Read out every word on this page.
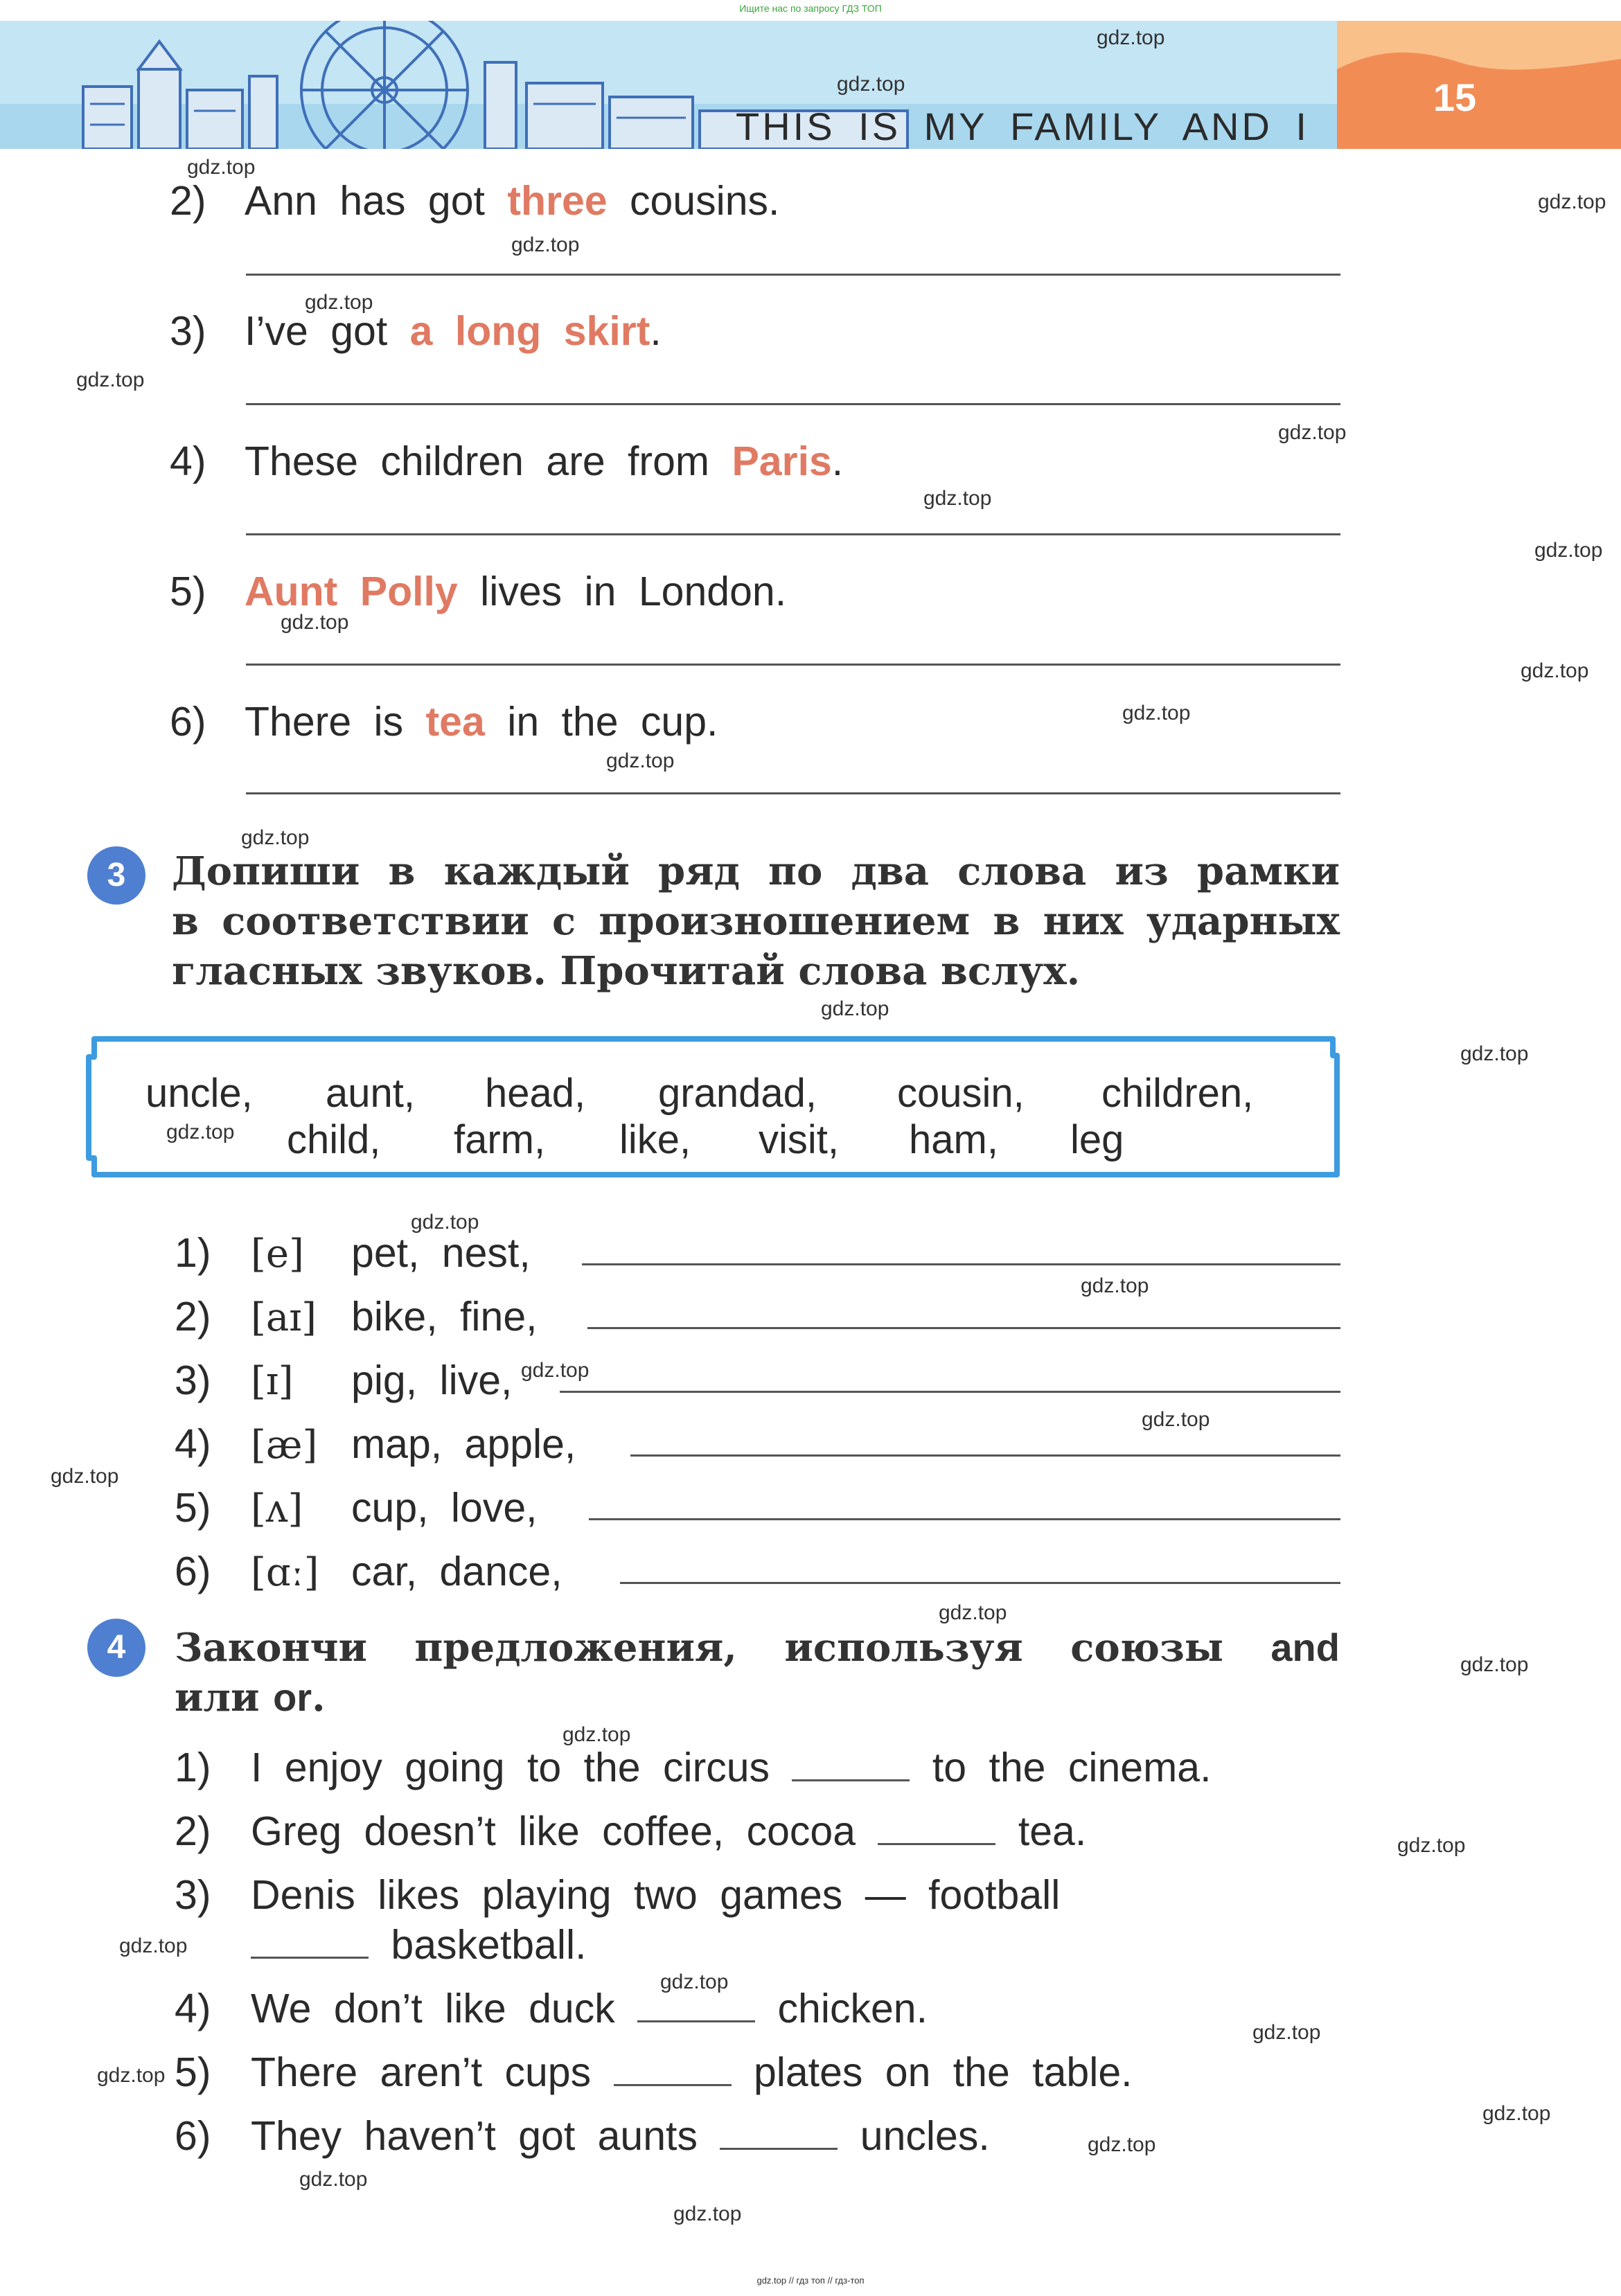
Ищите нас по запросу ГДЗ ТОП
THIS IS MY FAMILY AND I
15
2) Ann has got three cousins.
3) I’ve got a long skirt.
4) These children are from Paris.
5) Aunt Polly lives in London.
6) There is tea in the cup.
3	Допиши в каждый ряд по два слова из рамки
в соответствии с произношением в них ударных
гласных звуков. Прочитай слова вслух.
uncle, aunt, head, grandad, cousin, children,
child, farm, like, visit, ham, leg
1) [e] pet, nest,
2) [aɪ] bike, fine,
3) [ɪ] pig, live,
4) [æ] map, apple,
5) [ʌ] cup, love,
6) [ɑː] car, dance,
4	Закончи предложения, используя союзы and
или or.
1) I enjoy going to the circus	to the cinema.
2) Greg doesn’t like coffee, cocoa	tea.
3) Denis likes playing two games — football
basketball.
4) We don’t like duck	chicken.
5) There aren’t cups	plates on the table.
6) They haven’t got aunts	uncles.
gdz.top
gdz.top
gdz.top
gdz.top
gdz.top
gdz.top
gdz.top
gdz.top
gdz.top
gdz.top
gdz.top
gdz.top
gdz.top
gdz.top
gdz.top
gdz.top
gdz.top
gdz.top
gdz.top
gdz.top
gdz.top
gdz.top
gdz.top
gdz.top
gdz.top
gdz.top
gdz.top
gdz.top
gdz.top
gdz.top
gdz.top
gdz.top
gdz.top
gdz.top
gdz.top
gdz.top // гдз топ // гдз-топ
